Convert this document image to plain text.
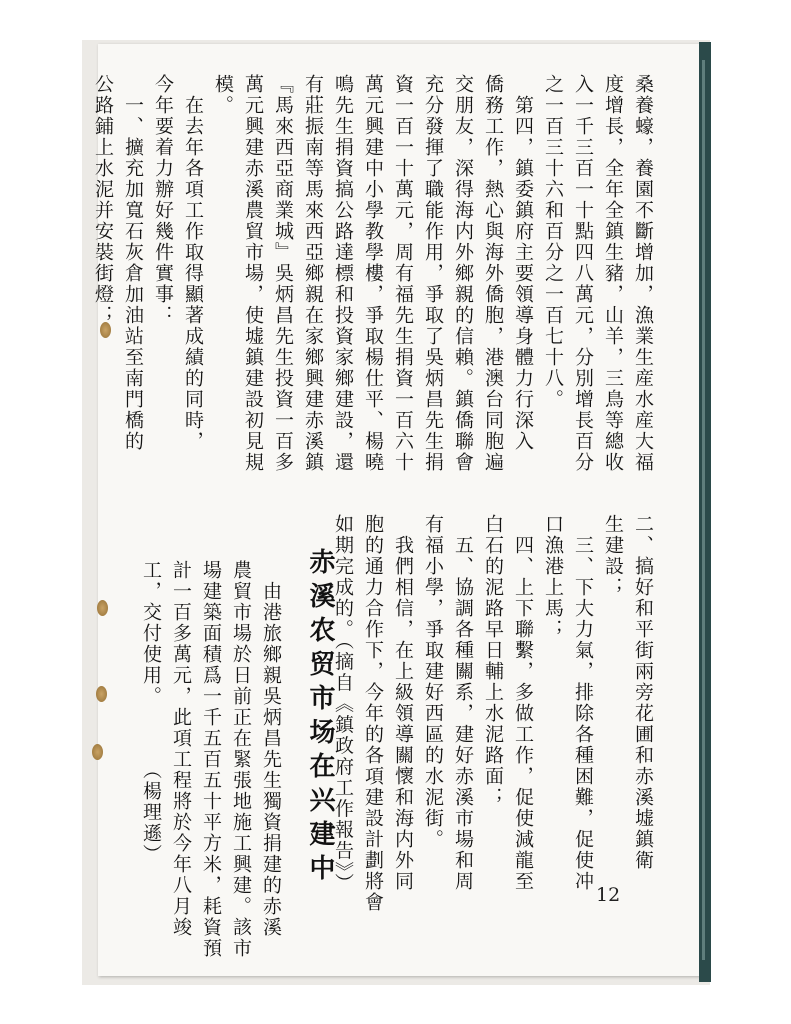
桑養蠔，養園不斷增加，漁業生産水産大福
度增長，全年全鎮生豬，山羊，三鳥等總收
入一千三百一十點四八萬元，分別增長百分
之一百三十六和百分之一百七十八。
　第四，鎮委鎮府主要領導身體力行深入
僑務工作，熱心與海外僑胞，港澳台同胞遍
交朋友，深得海内外鄉親的信賴。鎮僑聯會
充分發揮了職能作用，爭取了吳炳昌先生捐
資一百一十萬元，周有福先生捐資一百六十
萬元興建中小學教學樓，爭取楊仕平、楊曉
鳴先生捐資搞公路達標和投資家鄉建設，還
有莊振南等馬來西亞鄉親在家鄉興建赤溪鎮
『馬來西亞商業城』吳炳昌先生投資一百多
萬元興建赤溪農貿市場，使墟鎮建設初見規
模。
　在去年各項工作取得顯著成績的同時，
今年要着力辦好幾件實事：
　一、擴充加寬石灰倉加油站至南門橋的
公路鋪上水泥并安裝街燈；
二、搞好和平街兩旁花圃和赤溪墟鎮衛
生建設；
　三、下大力氣，排除各種困難，促使冲
口漁港上馬；
　四、上下聯繫，多做工作，促使減龍至
白石的泥路早日輔上水泥路面；
　五、協調各種關系，建好赤溪市場和周
有福小學，爭取建好西區的水泥街。
　我們相信，在上級領導關懷和海内外同
胞的通力合作下，今年的各項建設計劃將會
如期完成的。（摘自《鎮政府工作報告》）
赤溪农贸市场在兴建中
　由港旅鄉親吳炳昌先生獨資捐建的赤溪
農貿市場於日前正在緊張地施工興建。該市
場建築面積爲一千五百五十平方米，耗資預
計一百多萬元，此項工程將於今年八月竣
工，交付使用。
（楊理遜）
12
